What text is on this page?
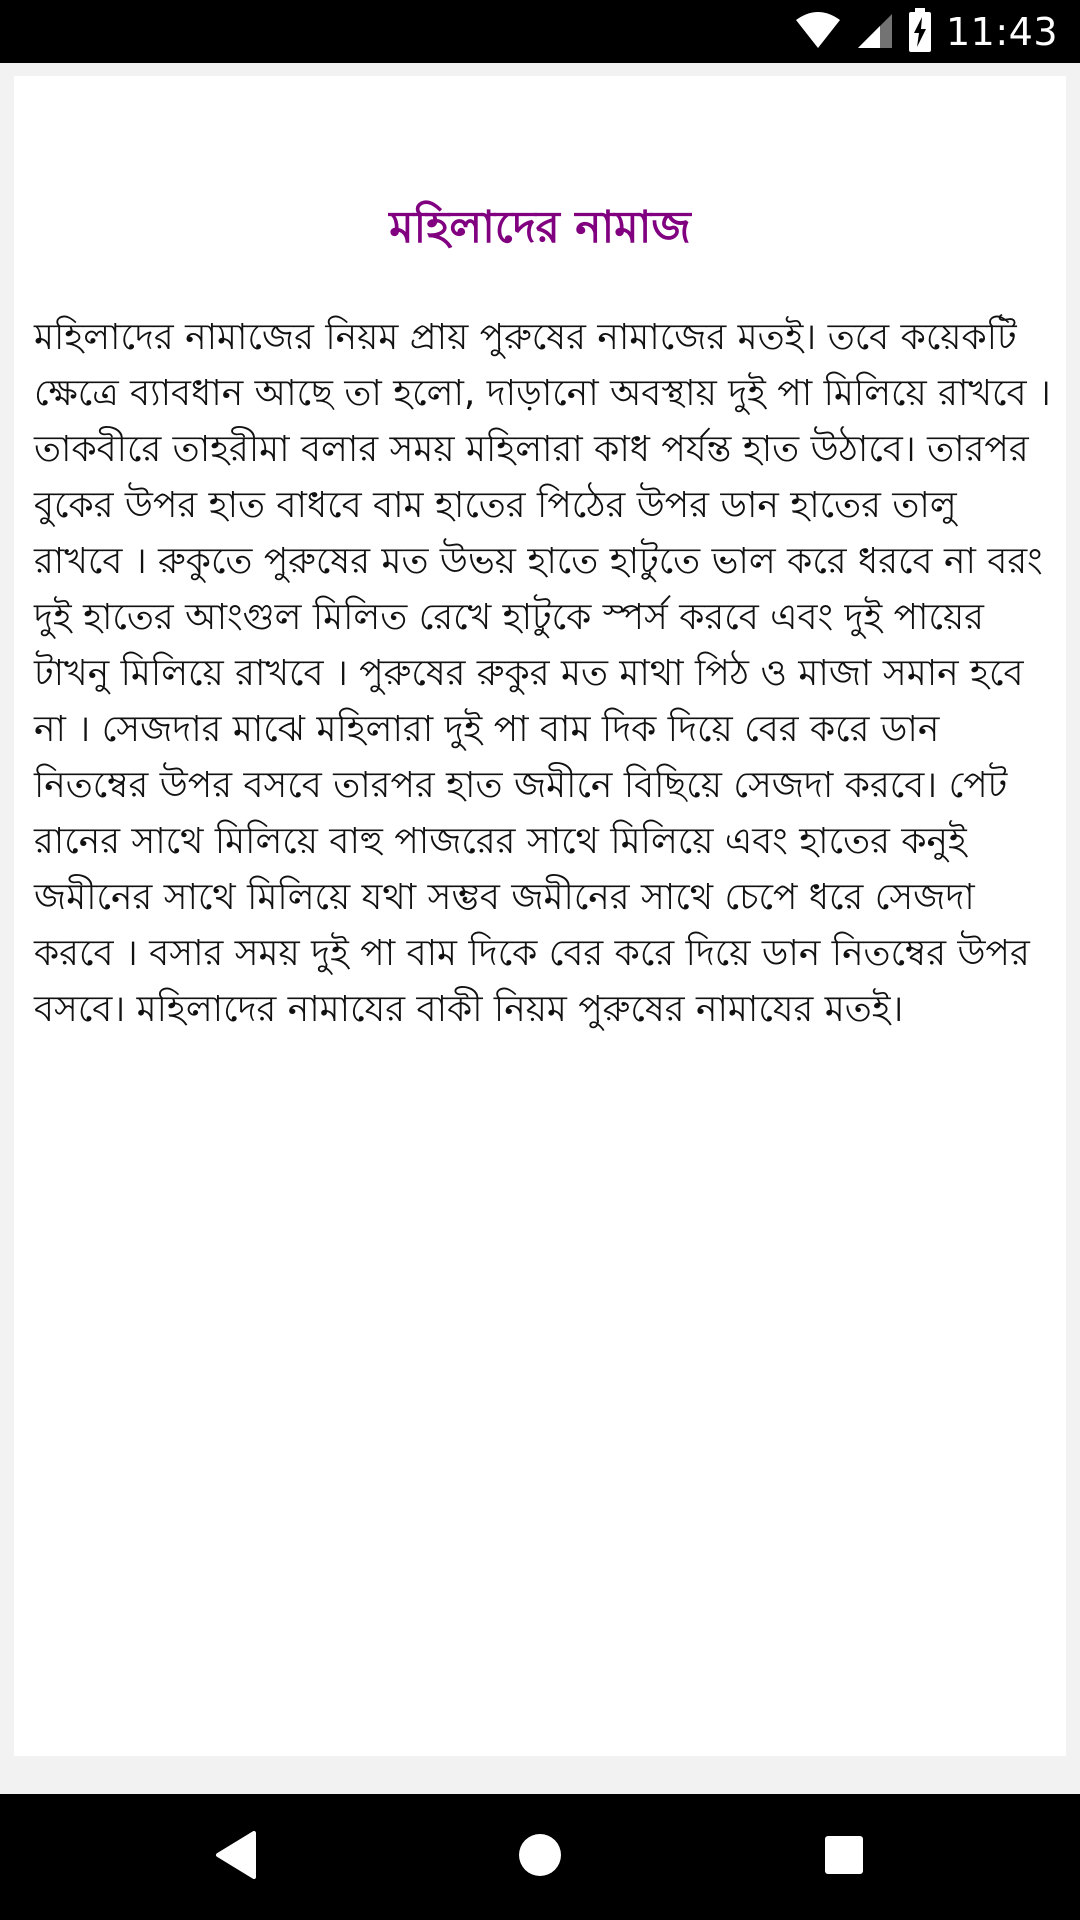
11:43
মহিলাদের নামাজ

মহিলাদের নামাজের নিয়ম প্রায় পুরুষের নামাজের মতই। তবে কয়েকটি ক্ষেত্রে ব্যাবধান আছে তা হলো, দাড়ানো অবস্থায় দুই পা মিলিয়ে রাখবে । তাকবীরে তাহরীমা বলার সময় মহিলারা কাধ পর্যন্ত হাত উঠাবে। তারপর বুকের উপর হাত বাধবে বাম হাতের পিঠের উপর ডান হাতের তালু রাখবে । রুকুতে পুরুষের মত উভয় হাতে হাটুতে ভাল করে ধরবে না বরং দুই হাতের আংগুল মিলিত রেখে হাটুকে স্পর্স করবে এবং দুই পায়ের টাখনু মিলিয়ে রাখবে । পুরুষের রুকুর মত মাথা পিঠ ও মাজা সমান হবে না । সেজদার মাঝে মহিলারা দুই পা বাম দিক দিয়ে বের করে ডান নিতম্বের উপর বসবে তারপর হাত জমীনে বিছিয়ে সেজদা করবে। পেট রানের সাথে মিলিয়ে বাহু পাজরের সাথে মিলিয়ে এবং হাতের কনুই জমীনের সাথে মিলিয়ে যথা সম্ভব জমীনের সাথে চেপে ধরে সেজদা করবে । বসার সময় দুই পা বাম দিকে বের করে দিয়ে ডান নিতম্বের উপর বসবে। মহিলাদের নামাযের বাকী নিয়ম পুরুষের নামাযের মতই।
